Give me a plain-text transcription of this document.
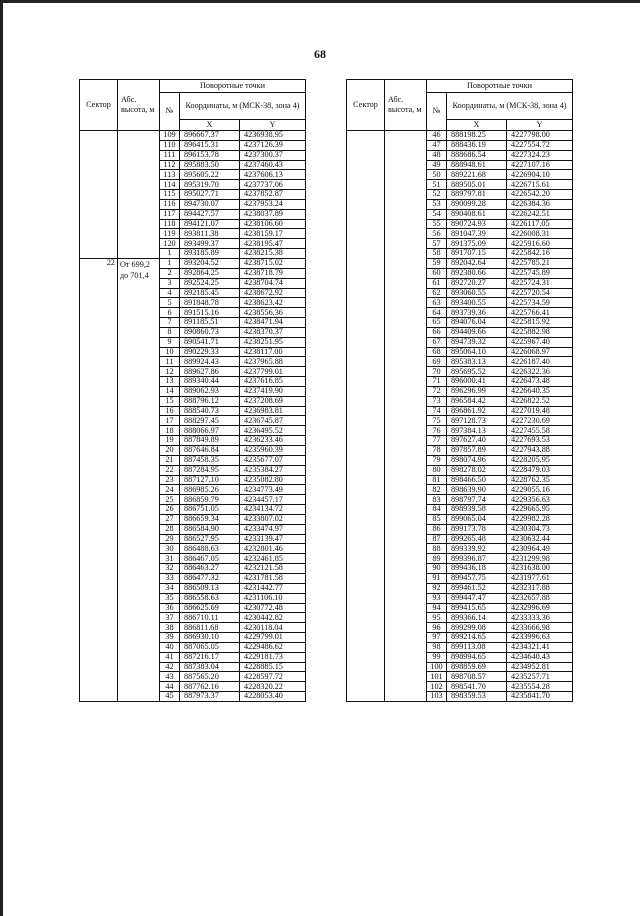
68
Сектор	Абс. высота, м	Поворотные точки		
		№	Координаты, м (МСК-38, зона 4)	
			X	Y
		109	896667.37	4236938.95
		110	896415.31	4237126.39
		111	896153.78	4237300.37
		112	895883.50	4237460.43
		113	895605.22	4237606.13
		114	895319.70	4237737.06
		115	895027.71	4237852.87
		116	894730.07	4237953.24
		117	894427.57	4238037.89
		118	894121.07	4238106.60
		119	893811.38	4238159.17
		120	893499.37	4238195.47
		1	893185.89	4238215.38
22	От 699,2 до 701,4	1	893204.52	4238715.02
		2	892864.25	4238718.79
		3	892524.25	4238704.74
		4	892185.45	4238672.92
		5	891848.78	4238623.42
		6	891515.16	4238556.36
		7	891185.51	4238471.94
		8	890860.73	4238370.37
		9	890541.71	4238251.95
		10	890229.33	4238117.00
		11	889924.43	4237965.88
		12	889627.86	4237799.01
		13	889340.44	4237616.85
		14	889062.93	4237419.90
		15	888796.12	4237208.69
		16	888540.73	4236983.81
		17	888297.45	4236745.87
		18	888066.97	4236495.52
		19	887849.89	4236233.46
		20	887646.84	4235960.39
		21	887458.35	4235677.07
		22	887284.95	4235384.27
		23	887127.10	4235082.80
		24	886985.26	4234773.49
		25	886859.79	4234457.17
		26	886751.05	4234134.72
		27	886659.34	4233807.02
		28	886584.90	4233474.97
		29	886527.95	4233139.47
		30	886488.63	4232801.46
		31	886467.05	4232461.85
		32	886463.27	4232121.58
		33	886477.32	4231781.58
		34	886509.13	4231442.77
		35	886558.63	4231106.10
		36	886625.69	4230772.48
		37	886710.11	4230442.82
		38	886811.68	4230118.04
		39	886930.10	4229799.01
		40	887065.05	4229486.62
		41	887216.17	4229181.73
		42	887383.04	4228885.15
		43	887565.20	4228597.72
		44	887762.16	4228320.22
		45	887973.37	4228053.40
Сектор	Абс. высота, м	Поворотные точки		
		№	Координаты, м (МСК-38, зона 4)	
			X	Y
		46	888198.25	4227798.00
		47	888436.19	4227554.72
		48	888686.54	4227324.23
		49	888948.61	4227107.16
		50	889221.68	4226904.10
		51	889505.01	4226715.61
		52	889797.81	4226542.20
		53	890099.28	4226384.36
		54	890408.61	4226242.51
		55	890724.93	4226117.05
		56	891047.39	4226008.31
		57	891375.09	4225916.60
		58	891707.15	4225842.16
		59	892042.64	4225785.21
		60	892380.66	4225745.89
		61	892720.27	4225724.31
		62	893060.55	4225720.54
		63	893400.55	4225734.59
		64	893739.36	4225766.41
		65	894076.04	4225815.92
		66	894409.66	4225882.98
		67	894739.32	4225967.40
		68	895064.10	4226068.97
		69	895383.13	4226187.40
		70	895695.52	4226322.36
		71	896000.41	4226473.48
		72	896296.99	4226640.35
		73	896584.42	4226822.52
		74	896861.92	4227019.48
		75	897128.73	4227230.69
		76	897384.13	4227455.58
		77	897627.40	4227693.53
		78	897857.89	4227943.88
		79	898074.96	4228205.95
		80	898278.02	4228479.03
		81	898466.50	4228762.35
		82	898639.90	4229055.16
		83	898797.74	4229356.63
		84	898939.58	4229665.95
		85	899065.04	4229982.28
		86	899173.78	4230304.73
		87	899265.48	4230632.44
		88	899339.92	4230964.49
		89	899396.87	4231299.98
		90	899436.18	4231638.00
		91	899457.75	4231977.61
		92	899461.52	4232317.88
		93	899447.47	4232657.88
		94	899415.65	4232996.69
		95	899366.14	4233333.36
		96	899299.08	4233666.98
		97	899214.65	4233996.63
		98	899113.08	4234321.41
		99	898994.65	4234640.43
		100	898859.69	4234952.81
		101	898708.57	4235257.71
		102	898541.70	4235554.28
		103	898359.53	4235841.70
